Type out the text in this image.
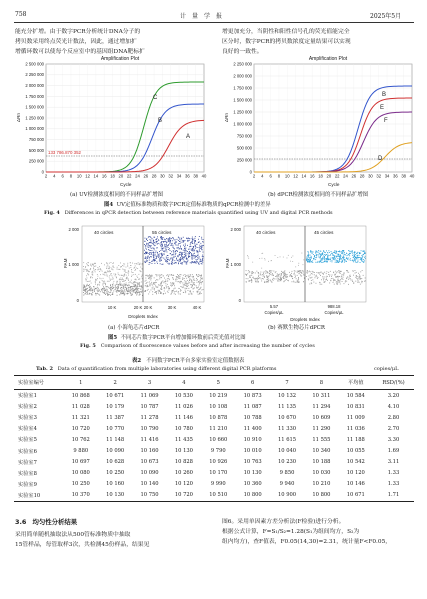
758	计　量　学　报	2025年5月
能充分扩增。由于数字PCR分析统计DNA分子的
拷贝数采用终点荧光计数法，因此，通过增加扩
增循环数可以使每个反应室中的基因组DNA靶标扩
增更加充分，当阴性和阳性信号孔的荧光值能完全
区分时，数字PCR的拷贝数浓度定量结果可以实现
良好的一致性。
Amplification Plot
2 500 000
2 250 000
2 000 000
1 750 000
1 500 000
1 250 000
1 000 000
750 000
500 000
250 000
0
2 4 6 8 10 12 14 16 18 20 22 24 26 28 30 32 34 36 38 40
133 786.870 352
C
B
A
ΔRn
Cycle
(a) UV检测浓度相同的不同样品扩增图
Amplification Plot
2 250 000
2 000 000
1 750 000
1 500 000
1 250 000
1 000 000
750 000
500 000
250 000
0
2 4 6 8 10 12 14 16 18 20 22 24 26 28 30 32 34 36 38 40
B
E
F
D
ΔRn
Cycle
(b) dPCR检测浓度相同的不同样品扩增图
图4 UV定值标准物质和数字PCR定值标准物质的qPCR检测中的差异
Fig. 4 Differences in qPCR detection between reference materials quantified using UV and digital PCR methods
40 circles	55 circles
2 000
1 000
0
FAM
10 K	20 K 20 K	30 K	40 K
Droplets Index
(a) 小海龟芯片dPCR
40 circles	45 circles
2 000
1 000
0
FAM
5.57
Copies/μL
988.18
Copies/μL
Droplets Index
(b) 赛默生物芯片dPCR
图5 不同芯片数字PCR平台增加循环数前后荧光值对比图
Fig. 5 Comparison of fluorescence values before and after increasing the number of cycles
表2 不同数字PCR平台多家实验室定值数据表
Tab. 2 Data of quantification from multiple laboratories using different digital PCR platforms	copies/μL
实验室编号	1	2	3	4	5	6	7	8	平均值	RSD/(%)
实验室1	10 868	10 671	11 069	10 530	10 219	10 873	10 132	10 311	10 584	3.20
实验室2	11 028	10 179	10 787	11 026	10 108	11 087	11 135	11 294	10 831	4.10
实验室3	11 321	11 387	11 278	11 146	10 878	10 788	10 670	10 609	11 009	2.80
实验室4	10 720	10 770	10 790	10 780	11 210	11 400	11 330	11 290	11 036	2.70
实验室5	10 762	11 148	11 416	11 435	10 660	10 910	11 615	11 555	11 188	3.30
实验室6	9 880	10 090	10 160	10 130	9 790	10 010	10 040	10 340	10 055	1.69
实验室7	10 697	10 628	10 673	10 828	10 926	10 763	10 230	10 188	10 542	3.11
实验室8	10 080	10 250	10 090	10 260	10 170	10 130	9 850	10 030	10 120	1.33
实验室9	10 250	10 160	10 140	10 120	9 990	10 360	9 940	10 210	10 146	1.33
实验室10	10 370	10 130	10 750	10 720	10 510	10 800	10 900	10 800	10 671	1.71
3.6 均匀性分析结果
采用简单随机抽取法从500管标准物质中抽取
15管样品，每管取样3次，共检测45份样品，结果见
图6。采用单因素方差分析法(F检验)进行分析。
根据公式计算，F=S₁/S₂=1.28(S₁为组间均方，S₂为
组内均方)，查F值表，F0.05(14,30)=2.31，统计量F<F0.05，
